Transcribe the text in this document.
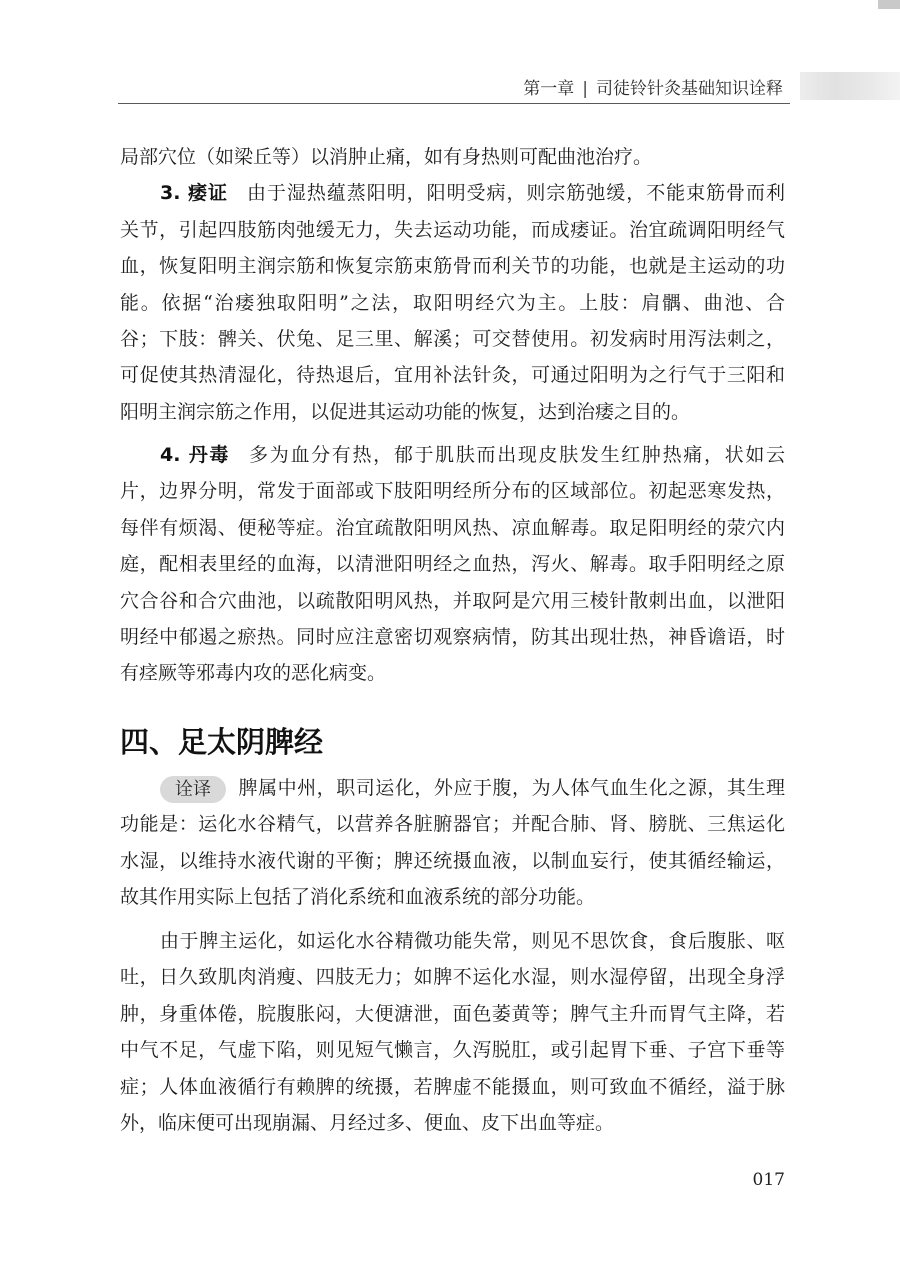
第一章 | 司徒铃针灸基础知识诠释
局部穴位（如梁丘等）以消肿止痛，如有身热则可配曲池治疗。
3. 痿证 由于湿热蕴蒸阳明，阳明受病，则宗筋弛缓，不能束筋骨而利
关节，引起四肢筋肉弛缓无力，失去运动功能，而成痿证。治宜疏调阳明经气
血，恢复阳明主润宗筋和恢复宗筋束筋骨而利关节的功能，也就是主运动的功
能。依据“治痿独取阳明”之法，取阳明经穴为主。上肢：肩髃、曲池、合
谷；下肢：髀关、伏兔、足三里、解溪；可交替使用。初发病时用泻法刺之，
可促使其热清湿化，待热退后，宜用补法针灸，可通过阳明为之行气于三阳和
阳明主润宗筋之作用，以促进其运动功能的恢复，达到治痿之目的。
4. 丹毒 多为血分有热，郁于肌肤而出现皮肤发生红肿热痛，状如云
片，边界分明，常发于面部或下肢阳明经所分布的区域部位。初起恶寒发热，
每伴有烦渴、便秘等症。治宜疏散阳明风热、凉血解毒。取足阳明经的荥穴内
庭，配相表里经的血海，以清泄阳明经之血热，泻火、解毒。取手阳明经之原
穴合谷和合穴曲池，以疏散阳明风热，并取阿是穴用三棱针散刺出血，以泄阳
明经中郁遏之瘀热。同时应注意密切观察病情，防其出现壮热，神昏谵语，时
有痉厥等邪毒内攻的恶化病变。
四、足太阴脾经
诠译 脾属中州，职司运化，外应于腹，为人体气血生化之源，其生理
功能是：运化水谷精气，以营养各脏腑器官；并配合肺、肾、膀胱、三焦运化
水湿，以维持水液代谢的平衡；脾还统摄血液，以制血妄行，使其循经输运，
故其作用实际上包括了消化系统和血液系统的部分功能。
由于脾主运化，如运化水谷精微功能失常，则见不思饮食，食后腹胀、呕
吐，日久致肌肉消瘦、四肢无力；如脾不运化水湿，则水湿停留，出现全身浮
肿，身重体倦，脘腹胀闷，大便溏泄，面色萎黄等；脾气主升而胃气主降，若
中气不足，气虚下陷，则见短气懒言，久泻脱肛，或引起胃下垂、子宫下垂等
症；人体血液循行有赖脾的统摄，若脾虚不能摄血，则可致血不循经，溢于脉
外，临床便可出现崩漏、月经过多、便血、皮下出血等症。
017
